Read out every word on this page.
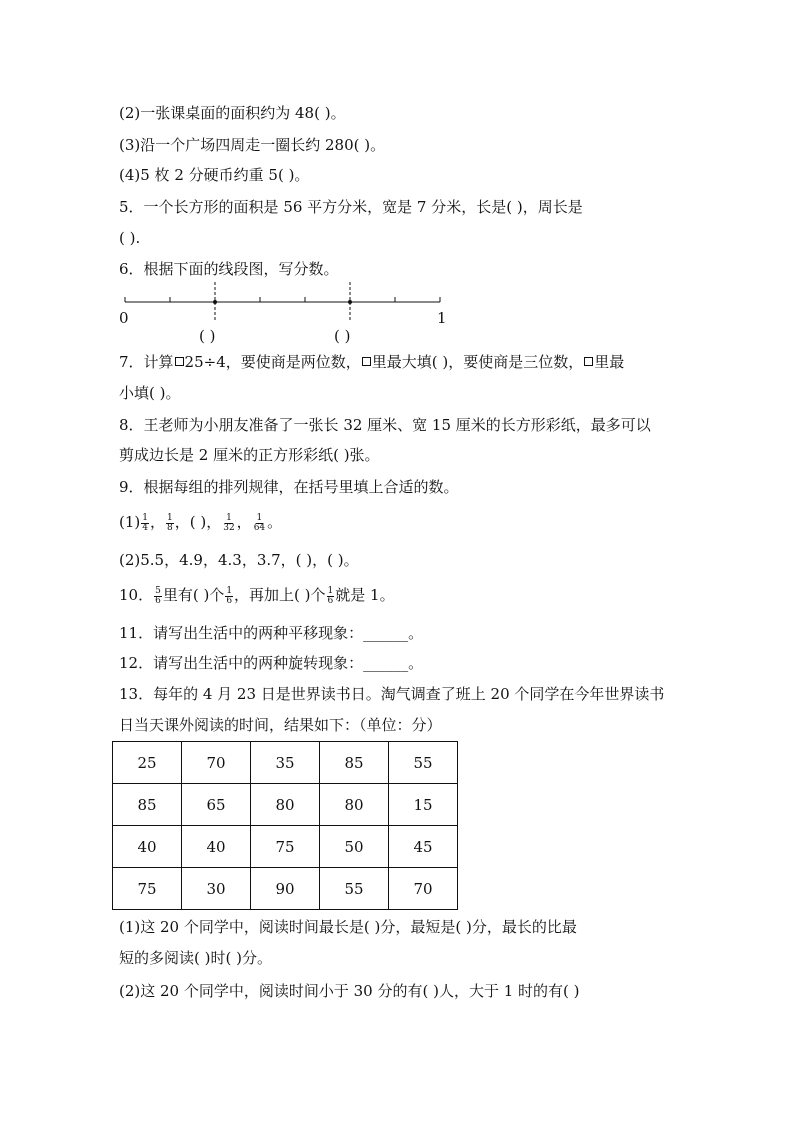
(2)一张课桌面的面积约为 48( )。
(3)沿一个广场四周走一圈长约 280( )。
(4)5 枚 2 分硬币约重 5( )。
5．一个长方形的面积是 56 平方分米，宽是 7 分米，长是( )，周长是
( ).
6．根据下面的线段图，写分数。
0	1
( )	( )
7．计算 25÷4，要使商是两位数， 里最大填( )，要使商是三位数， 里最
小填( )。
8．王老师为小朋友准备了一张长 32 厘米、宽 15 厘米的长方形彩纸，最多可以
剪成边长是 2 厘米的正方形彩纸( )张。
9．根据每组的排列规律，在括号里填上合适的数。
$(1) \frac{1}{4}$ ， $\frac{1}{8}$ ，( )， $\frac{1}{32}$ ， $\frac{1}{64}$ 。
(2)5.5，4.9，4.3，3.7，( )，( )。
10． $\frac{5}{6}$ 里有( )个 $\frac{1}{6}$ ，再加上( )个 $\frac{1}{6}$ 就是 1。
11．请写出生活中的两种平移现象：______。
12．请写出生活中的两种旋转现象：______。
13．每年的 4 月 23 日是世界读书日。淘气调查了班上 20 个同学在今年世界读书
日当天课外阅读的时间，结果如下：（单位：分）
25	70	35	85	55
85	65	80	80	15
40	40	75	50	45
75	30	90	55	70
(1)这 20 个同学中，阅读时间最长是( )分，最短是( )分，最长的比最
短的多阅读( )时( )分。
(2)这 20 个同学中，阅读时间小于 30 分的有( )人，大于 1 时的有( )
